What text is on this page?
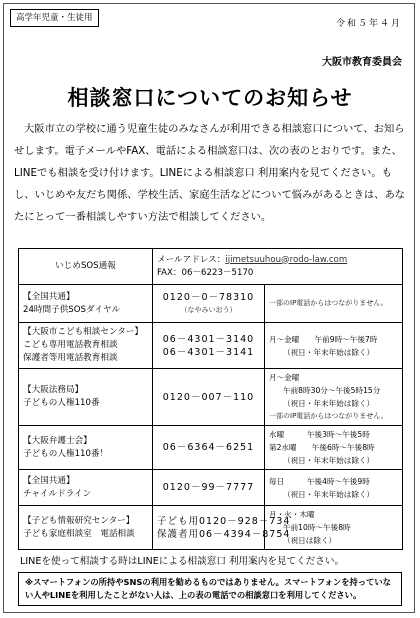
高学年児童・生徒用
令和５年４月
大阪市教育委員会
相談窓口についてのお知らせ

大阪市立の学校に通う児童生徒のみなさんが利用できる相談窓口について、お知らせします。電子メールやFAX、電話による相談窓口は、次の表のとおりです。また、LINEでも相談を受け付けます。LINEによる相談窓口 利用案内を見てください。もし、いじめや友だち関係、学校生活、家庭生活などについて悩みがあるときは、あなたにとって一番相談しやすい方法で相談してください。

いじめSOS通報	メールアドレス：ijimetsuuhou@rodo-law.com
FAX：06－6223－5170	

【全国共通】
24時間子供SOSダイヤル	0120－0－78310
（なやみいおう）	一部のIP電話からはつながりません。

【大阪市こども相談センター】
こども専用電話教育相談
保護者等用電話教育相談	06－4301－3140
06－4301－3141	月～金曜　　午前9時～午後7時
（祝日・年末年始は除く）

【大阪法務局】
子どもの人権110番	0120－007－110	月～金曜
午前8時30分～午後5時15分
（祝日・年末年始は除く）
一部のIP電話からはつながりません。

【大阪弁護士会】
子どもの人権110番！	06－6364－6251	水曜　　　午後3時～午後5時
第2水曜　　午後6時～午後8時
（祝日・年末年始は除く）

【全国共通】
チャイルドライン	0120－99－7777	毎日　　　午後4時～午後9時
（祝日・年末年始は除く）

【子ども情報研究センター】
子ども家庭相談室　電話相談	子ども用0120－928－734
保護者用06－4394－8754	月・火・木曜
午前10時～午後8時
（祝日は除く）
LINEを使って相談する時はLINEによる相談窓口 利用案内を見てください。
※スマートフォンの所持やSNSの利用を勧めるものではありません。スマートフォンを持っていない人やLINEを利用したことがない人は、上の表の電話での相談窓口を利用してください。
